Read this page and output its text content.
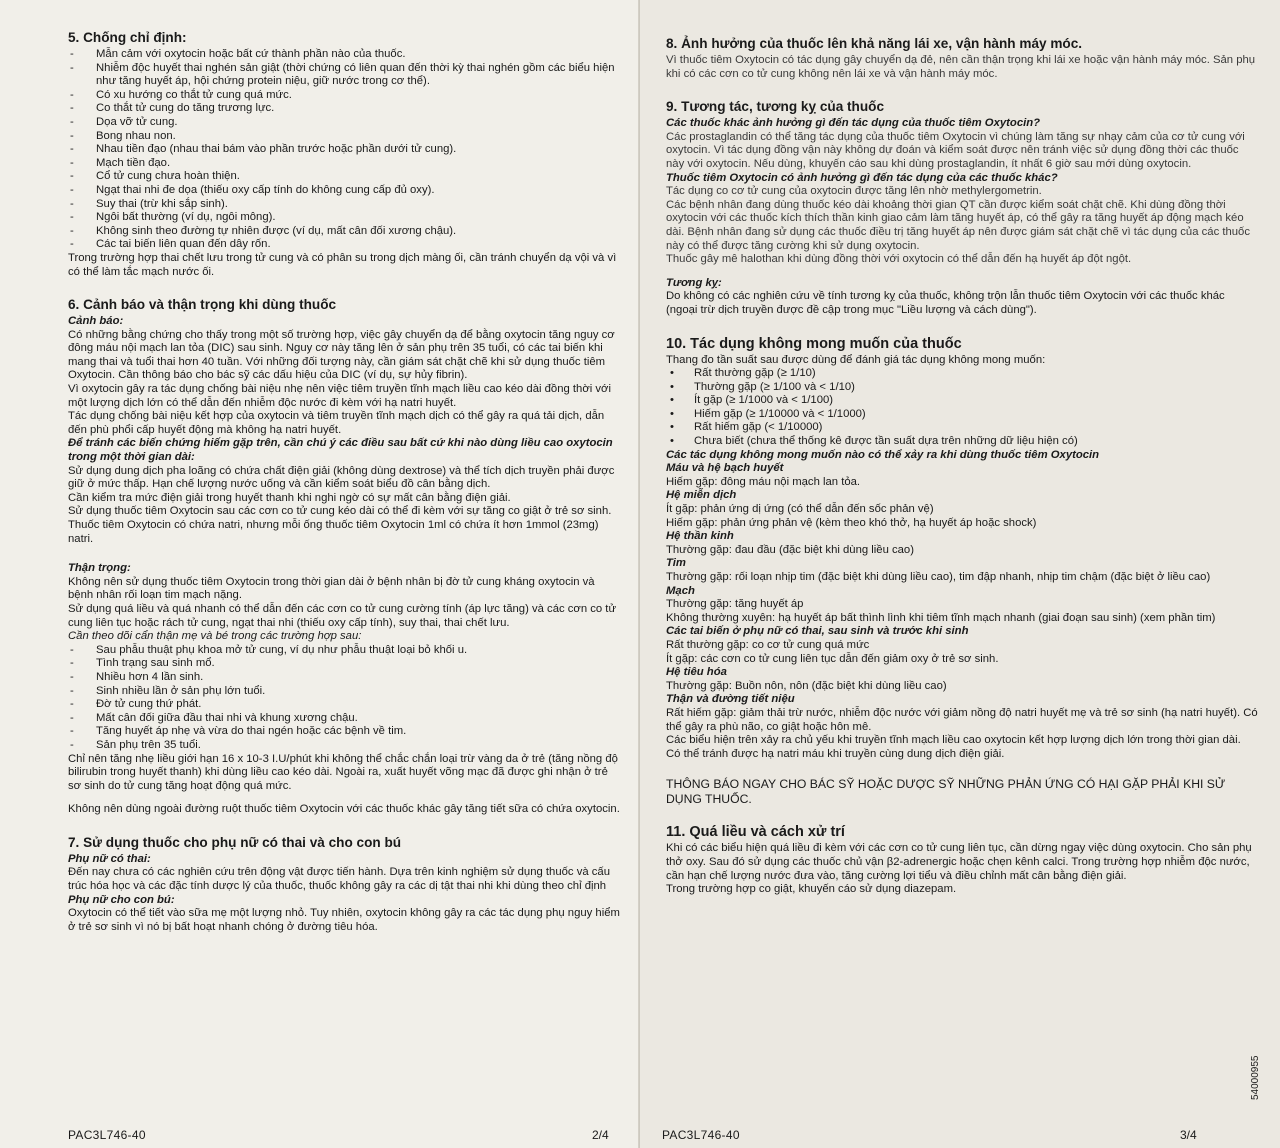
5. Chống chỉ định:
- Mẫn cảm với oxytocin hoặc bất cứ thành phần nào của thuốc.
- Nhiễm độc huyết thai nghén sản giật (thời chứng có liên quan đến thời kỳ thai nghén gồm các biểu hiện như tăng huyết áp, hội chứng protein niệu, giữ nước trong cơ thể).
- Có xu hướng co thắt tử cung quá mức.
- Co thắt tử cung do tăng trương lực.
- Dọa vỡ tử cung.
- Bong nhau non.
- Nhau tiền đạo (nhau thai bám vào phần trước hoặc phần dưới tử cung).
- Mạch tiền đạo.
- Cổ tử cung chưa hoàn thiện.
- Ngạt thai nhi đe dọa (thiếu oxy cấp tính do không cung cấp đủ oxy).
- Suy thai (trừ khi sắp sinh).
- Ngôi bất thường (ví dụ, ngôi mông).
- Không sinh theo đường tự nhiên được (ví dụ, mất cân đối xương chậu).
- Các tai biến liên quan đến dây rốn.

Trong trường hợp thai chết lưu trong tử cung và có phân su trong dịch màng ối, cần tránh chuyển dạ vội và vì có thể làm tắc mạch nước ối.

6. Cảnh báo và thận trọng khi dùng thuốc
Cảnh báo:

Có những bằng chứng cho thấy trong một số trường hợp, việc gây chuyển dạ để bằng oxytocin tăng nguy cơ đông máu nội mạch lan tỏa (DIC) sau sinh. Nguy cơ này tăng lên ở sản phụ trên 35 tuổi, có các tai biến khi mang thai và tuổi thai hơn 40 tuần. Với những đối tượng này, cần giám sát chặt chẽ khi sử dụng thuốc tiêm Oxytocin. Cần thông báo cho bác sỹ các dấu hiệu của DIC (ví dụ, sự hủy fibrin).

Vì oxytocin gây ra tác dụng chống bài niệu nhẹ nên việc tiêm truyền tĩnh mạch liều cao kéo dài đồng thời với một lượng dịch lớn có thể dẫn đến nhiễm độc nước đi kèm với hạ natri huyết.

Tác dụng chống bài niệu kết hợp của oxytocin và tiêm truyền tĩnh mạch dịch có thể gây ra quá tải dịch, dẫn đến phù phổi cấp huyết động mà không hạ natri huyết.

Để tránh các biến chứng hiếm gặp trên, cần chú ý các điều sau bất cứ khi nào dùng liều cao oxytocin trong một thời gian dài:

Sử dụng dung dịch pha loãng có chứa chất điện giải (không dùng dextrose) và thể tích dịch truyền phải được giữ ở mức thấp. Hạn chế lượng nước uống và cần kiểm soát biểu đồ cân bằng dịch.

Cần kiểm tra mức điện giải trong huyết thanh khi nghi ngờ có sự mất cân bằng điện giải.

Sử dụng thuốc tiêm Oxytocin sau các cơn co tử cung kéo dài có thể đi kèm với sự tăng co giật ở trẻ sơ sinh.

Thuốc tiêm Oxytocin có chứa natri, nhưng mỗi ống thuốc tiêm Oxytocin 1ml có chứa ít hơn 1mmol (23mg) natri.

Thận trọng:

Không nên sử dụng thuốc tiêm Oxytocin trong thời gian dài ở bệnh nhân bị đờ tử cung kháng oxytocin và bệnh nhân rối loạn tim mạch nặng.

Sử dụng quá liều và quá nhanh có thể dẫn đến các cơn co tử cung cường tính (áp lực tăng) và các cơn co tử cung liên tục hoặc rách tử cung, ngạt thai nhi (thiếu oxy cấp tính), suy thai, thai chết lưu.

Cần theo dõi cẩn thận mẹ và bé trong các trường hợp sau:

- Sau phẫu thuật phụ khoa mở tử cung, ví dụ như phẫu thuật loại bỏ khối u.
- Tình trạng sau sinh mổ.
- Nhiều hơn 4 lần sinh.
- Sinh nhiều lần ở sản phụ lớn tuổi.
- Đờ tử cung thứ phát.
- Mất cân đối giữa đầu thai nhi và khung xương chậu.
- Tăng huyết áp nhẹ và vừa do thai ngén hoặc các bệnh về tim.
- Sản phụ trên 35 tuổi.

Chỉ nên tăng nhẹ liều giới hạn 16 x 10-3 I.U/phút khi không thể chắc chắn loại trừ vàng da ở trẻ (tăng nồng độ bilirubin trong huyết thanh) khi dùng liều cao kéo dài. Ngoài ra, xuất huyết võng mạc đã được ghi nhận ở trẻ sơ sinh do tử cung tăng hoạt động quá mức.

Không nên dùng ngoài đường ruột thuốc tiêm Oxytocin với các thuốc khác gây tăng tiết sữa có chứa oxytocin.

7. Sử dụng thuốc cho phụ nữ có thai và cho con bú
Phụ nữ có thai:

Đến nay chưa có các nghiên cứu trên động vật được tiến hành. Dựa trên kinh nghiệm sử dụng thuốc và cấu trúc hóa học và các đặc tính dược lý của thuốc, thuốc không gây ra các dị tật thai nhi khi dùng theo chỉ định

Phụ nữ cho con bú:

Oxytocin có thể tiết vào sữa mẹ một lượng nhỏ. Tuy nhiên, oxytocin không gây ra các tác dụng phụ nguy hiểm ở trẻ sơ sinh vì nó bị bất hoạt nhanh chóng ở đường tiêu hóa.

PAC3L746-40	2/4
8. Ảnh hưởng của thuốc lên khả năng lái xe, vận hành máy móc.

Vì thuốc tiêm Oxytocin có tác dụng gây chuyển dạ đẻ, nên cần thận trọng khi lái xe hoặc vận hành máy móc. Sản phụ khi có các cơn co tử cung không nên lái xe và vận hành máy móc.

9. Tương tác, tương kỵ của thuốc
Các thuốc khác ảnh hưởng gì đến tác dụng của thuốc tiêm Oxytocin?

Các prostaglandin có thể tăng tác dụng của thuốc tiêm Oxytocin vì chúng làm tăng sự nhạy cảm của cơ tử cung với oxytocin. Vì tác dụng đồng vận này không dự đoán và kiểm soát được nên tránh việc sử dụng đồng thời các thuốc này với oxytocin. Nếu dùng, khuyến cáo sau khi dùng prostaglandin, ít nhất 6 giờ sau mới dùng oxytocin.

Thuốc tiêm Oxytocin có ảnh hưởng gì đến tác dụng của các thuốc khác?

Tác dụng co cơ tử cung của oxytocin được tăng lên nhờ methylergometrin.

Các bệnh nhân đang dùng thuốc kéo dài khoảng thời gian QT cần được kiểm soát chặt chẽ. Khi dùng đồng thời oxytocin với các thuốc kích thích thần kinh giao cảm làm tăng huyết áp, có thể gây ra tăng huyết áp động mạch kéo dài. Bệnh nhân đang sử dụng các thuốc điều trị tăng huyết áp nên được giám sát chặt chẽ vì tác dụng của các thuốc này có thể được tăng cường khi sử dụng oxytocin.

Thuốc gây mê halothan khi dùng đồng thời với oxytocin có thể dẫn đến hạ huyết áp đột ngột.

Tương kỵ:

Do không có các nghiên cứu về tính tương kỵ của thuốc, không trộn lẫn thuốc tiêm Oxytocin với các thuốc khác (ngoại trừ dịch truyền được đề cập trong mục "Liều lượng và cách dùng").

10. Tác dụng không mong muốn của thuốc

Thang đo tần suất sau được dùng để đánh giá tác dụng không mong muốn:

• Rất thường gặp (≥ 1/10)
• Thường gặp (≥ 1/100 và < 1/10)
• Ít gặp (≥ 1/1000 và < 1/100)
• Hiếm gặp (≥ 1/10000 và < 1/1000)
• Rất hiếm gặp (< 1/10000)
• Chưa biết (chưa thể thống kê được tần suất dựa trên những dữ liệu hiện có)
Các tác dụng không mong muốn nào có thể xảy ra khi dùng thuốc tiêm Oxytocin
Máu và hệ bạch huyết

Hiếm gặp: đông máu nội mạch lan tỏa.

Hệ miễn dịch

Ít gặp: phản ứng dị ứng (có thể dẫn đến sốc phản vệ)

Hiếm gặp: phản ứng phản vệ (kèm theo khó thở, hạ huyết áp hoặc shock)

Hệ thần kinh

Thường gặp: đau đầu (đặc biệt khi dùng liều cao)

Tim

Thường gặp: rối loạn nhịp tim (đặc biệt khi dùng liều cao), tim đập nhanh, nhịp tim chậm (đặc biệt ở liều cao)

Mạch

Thường gặp: tăng huyết áp

Không thường xuyên: hạ huyết áp bất thình lình khi tiêm tĩnh mạch nhanh (giai đoạn sau sinh) (xem phần tim)

Các tai biến ở phụ nữ có thai, sau sinh và trước khi sinh

Rất thường gặp: co cơ tử cung quá mức

Ít gặp: các cơn co tử cung liên tục dẫn đến giảm oxy ở trẻ sơ sinh.

Hệ tiêu hóa

Thường gặp: Buồn nôn, nôn (đặc biệt khi dùng liều cao)

Thận và đường tiết niệu

Rất hiếm gặp: giảm thải trừ nước, nhiễm độc nước với giảm nồng độ natri huyết mẹ và trẻ sơ sinh (hạ natri huyết). Có thể gây ra phù não, co giật hoặc hôn mê.

Các biểu hiện trên xảy ra chủ yếu khi truyền tĩnh mạch liều cao oxytocin kết hợp lượng dịch lớn trong thời gian dài. Có thể tránh được hạ natri máu khi truyền cùng dung dịch điện giải.

THÔNG BÁO NGAY CHO BÁC SỸ HOẶC DƯỢC SỸ NHỮNG PHẢN ỨNG CÓ HẠI GẶP PHẢI KHI SỬ DỤNG THUỐC.

11. Quá liều và cách xử trí

Khi có các biểu hiện quá liều đi kèm với các cơn co tử cung liên tục, cần dừng ngay việc dùng oxytocin. Cho sản phụ thở oxy. Sau đó sử dụng các thuốc chủ vận β2-adrenergic hoặc chẹn kênh calci. Trong trường hợp nhiễm độc nước, cần hạn chế lượng nước đưa vào, tăng cường lợi tiểu và điều chỉnh mất cân bằng điện giải.

Trong trường hợp co giật, khuyến cáo sử dụng diazepam.

PAC3L746-40	3/4
54000955
